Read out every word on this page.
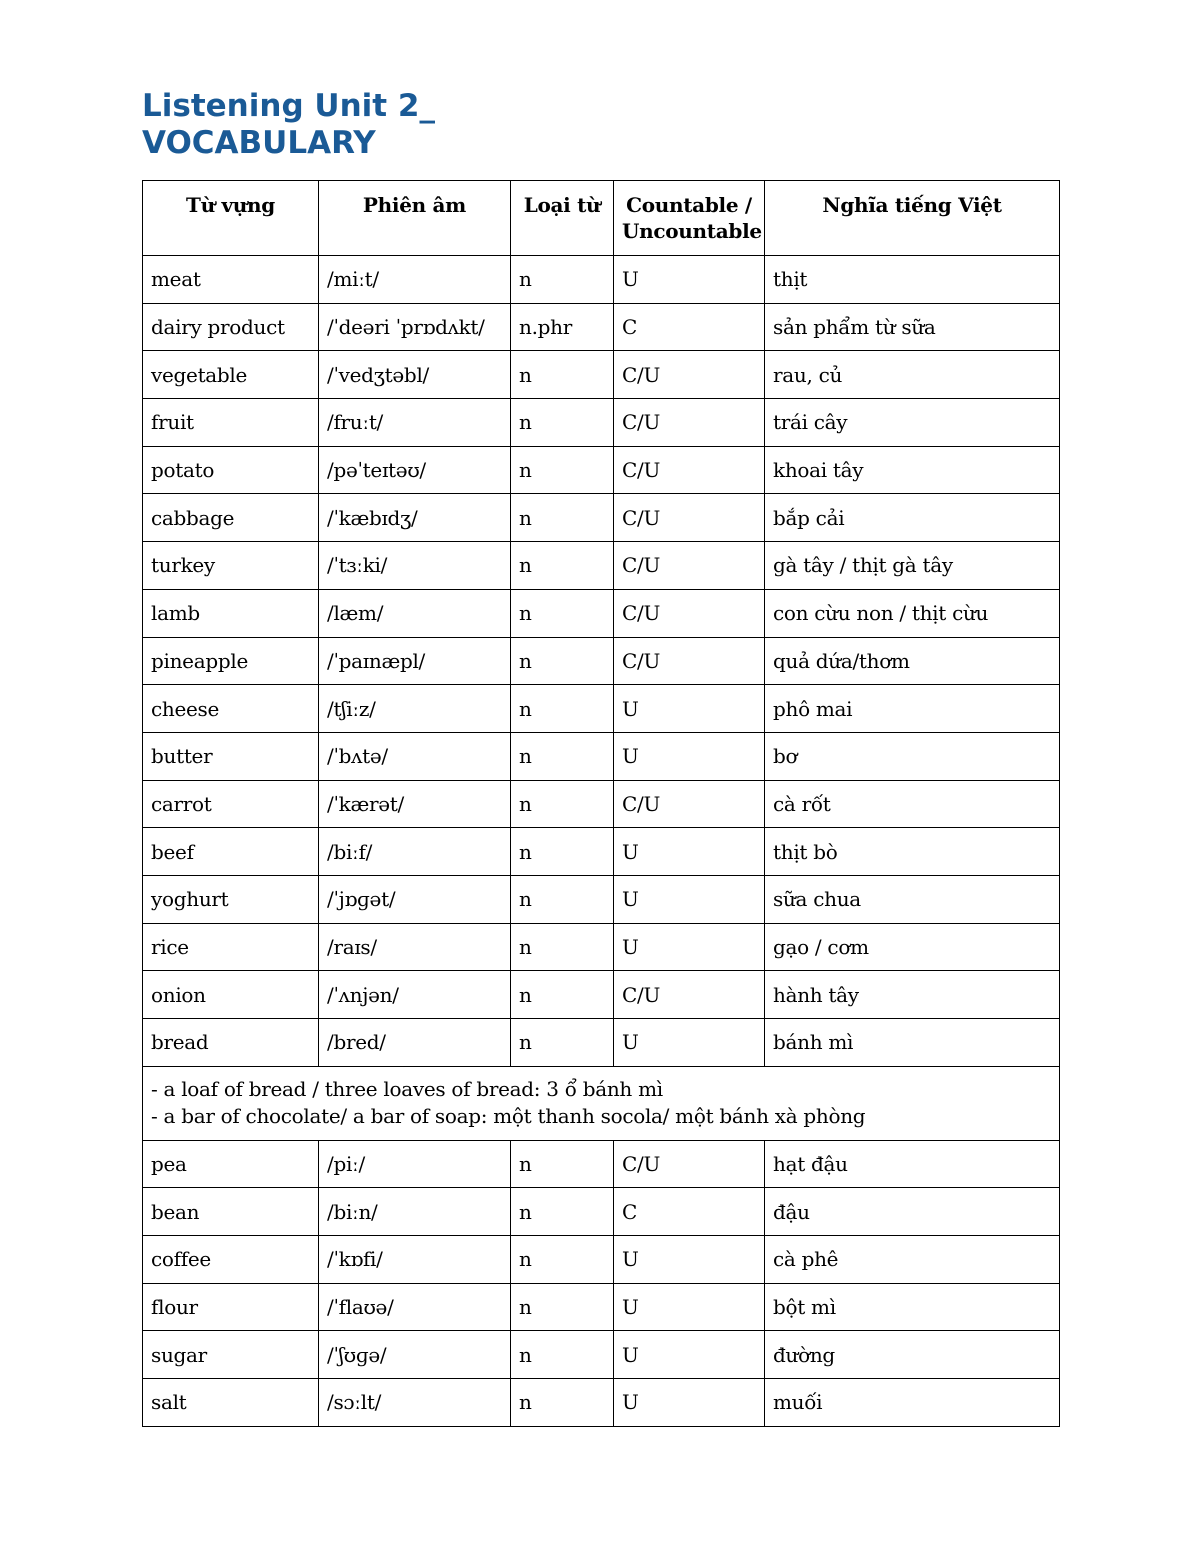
Listening Unit 2_
VOCABULARY
Từ vựng	Phiên âm	Loại từ	Countable / Uncountable	Nghĩa tiếng Việt
meat	/miːt/	n	U	thịt
dairy product	/ˈdeəri ˈprɒdʌkt/	n.phr	C	sản phẩm từ sữa
vegetable	/ˈvedʒtəbl/	n	C/U	rau, củ
fruit	/fruːt/	n	C/U	trái cây
potato	/pəˈteɪtəʊ/	n	C/U	khoai tây
cabbage	/ˈkæbɪdʒ/	n	C/U	bắp cải
turkey	/ˈtɜːki/	n	C/U	gà tây / thịt gà tây
lamb	/læm/	n	C/U	con cừu non / thịt cừu
pineapple	/ˈpaɪnæpl/	n	C/U	quả dứa/thơm
cheese	/tʃiːz/	n	U	phô mai
butter	/ˈbʌtə/	n	U	bơ
carrot	/ˈkærət/	n	C/U	cà rốt
beef	/biːf/	n	U	thịt bò
yoghurt	/ˈjɒɡət/	n	U	sữa chua
rice	/raɪs/	n	U	gạo / cơm
onion	/ˈʌnjən/	n	C/U	hành tây
bread	/bred/	n	U	bánh mì

- a loaf of bread / three loaves of bread: 3 ổ bánh mì
- a bar of chocolate/ a bar of soap: một thanh socola/ một bánh xà phòng				

pea	/piː/	n	C/U	hạt đậu
bean	/biːn/	n	C	đậu
coffee	/ˈkɒfi/	n	U	cà phê
flour	/ˈflaʊə/	n	U	bột mì
sugar	/ˈʃʊɡə/	n	U	đường
salt	/sɔːlt/	n	U	muối
